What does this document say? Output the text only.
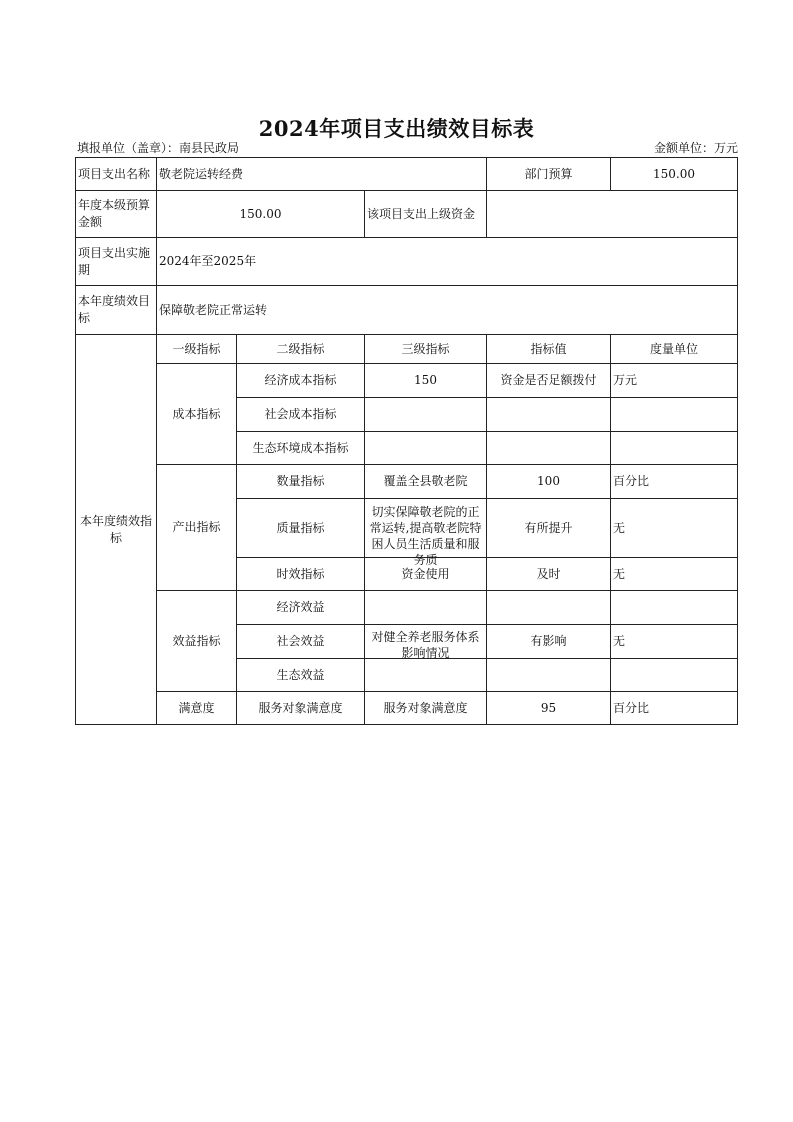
2024年项目支出绩效目标表
填报单位（盖章）：南县民政局	金额单位：万元
项目支出名称	敬老院运转经费			部门预算	150.00
年度本级预算金额	150.00		该项目支出上级资金		
项目支出实施期	2024年至2025年				
本年度绩效目标	保障敬老院正常运转				
本年度绩效指标	一级指标	二级指标	三级指标	指标值	度量单位
	成本指标	经济成本指标	150	资金是否足额拨付	万元
		社会成本指标			
		生态环境成本指标			
	产出指标	数量指标	覆盖全县敬老院	100	百分比
		质量指标	切实保障敬老院的正常运转,提高敬老院特困人员生活质量和服务质	有所提升	无
		时效指标	资金使用	及时	无
	效益指标	经济效益			
		社会效益	对健全养老服务体系影响情况	有影响	无
		生态效益			
	满意度	服务对象满意度	服务对象满意度	95	百分比
